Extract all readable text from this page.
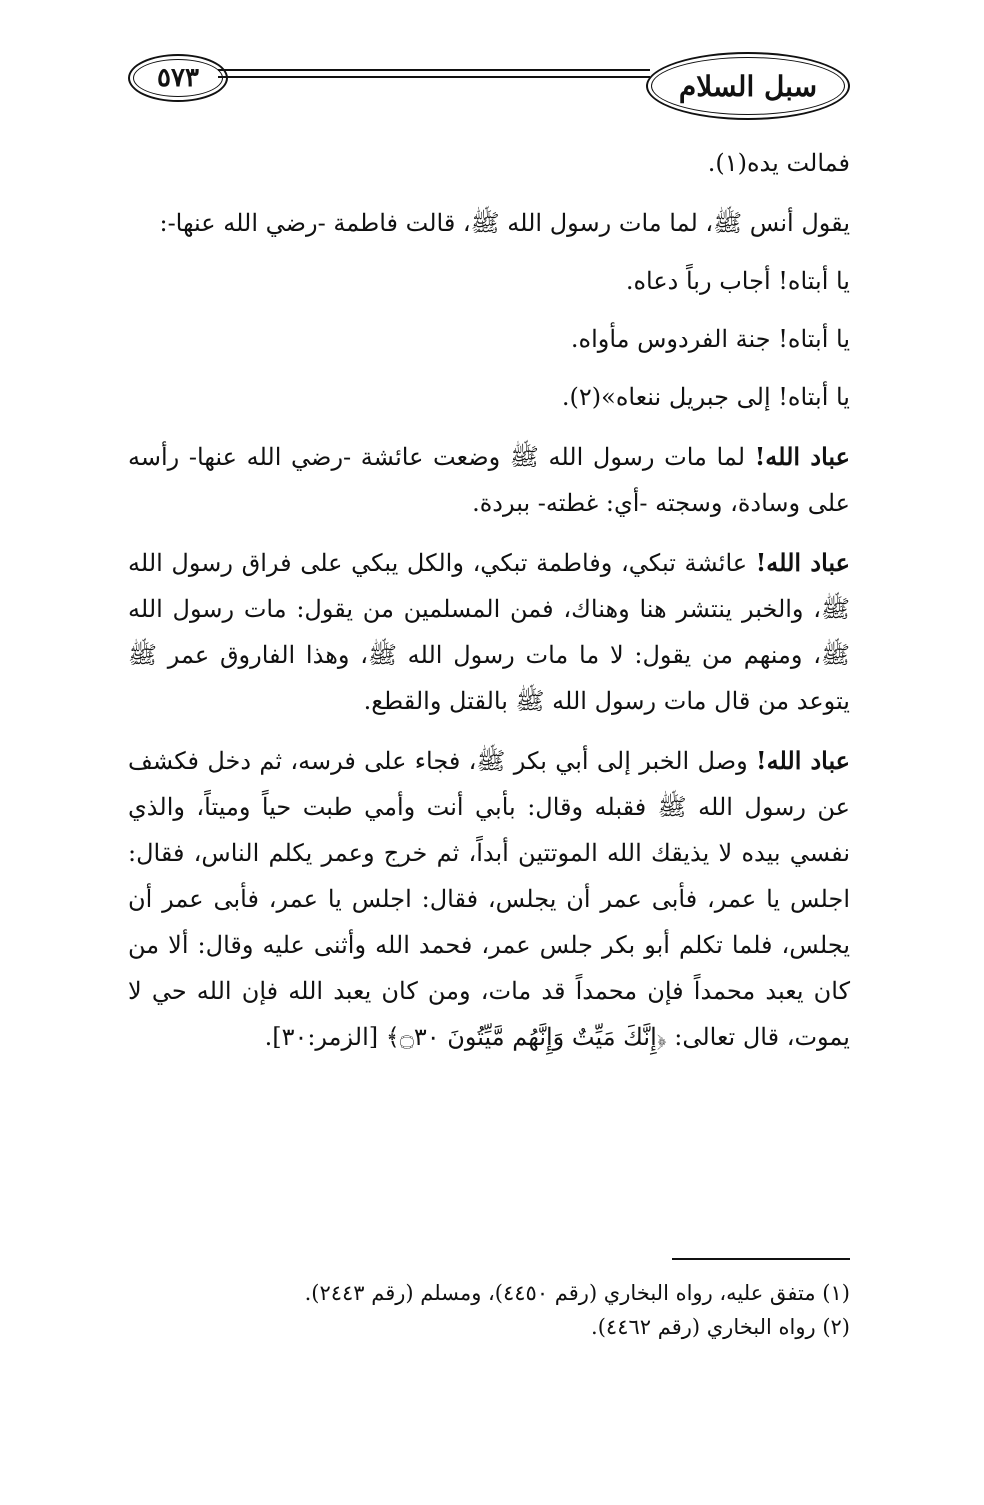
٥٧٣	سبل السلام

فمالت يده(١).

يقول أنس ﷺ، لما مات رسول الله ﷺ، قالت فاطمة -رضي الله عنها-:

يا أبتاه! أجاب رباً دعاه.

يا أبتاه! جنة الفردوس مأواه.

يا أبتاه! إلى جبريل ننعاه»(٢).

عباد الله! لما مات رسول الله ﷺ وضعت عائشة -رضي الله عنها- رأسه على وسادة، وسجته -أي: غطته- ببردة.

عباد الله! عائشة تبكي، وفاطمة تبكي، والكل يبكي على فراق رسول الله ﷺ، والخبر ينتشر هنا وهناك، فمن المسلمين من يقول: مات رسول الله ﷺ، ومنهم من يقول: لا ما مات رسول الله ﷺ، وهذا الفاروق عمر ﷺ يتوعد من قال مات رسول الله ﷺ بالقتل والقطع.

عباد الله! وصل الخبر إلى أبي بكر ﷺ، فجاء على فرسه، ثم دخل فكشف عن رسول الله ﷺ فقبله وقال: بأبي أنت وأمي طبت حياً وميتاً، والذي نفسي بيده لا يذيقك الله الموتتين أبداً، ثم خرج وعمر يكلم الناس، فقال: اجلس يا عمر، فأبى عمر أن يجلس، فقال: اجلس يا عمر، فأبى عمر أن يجلس، فلما تكلم أبو بكر جلس عمر، فحمد الله وأثنى عليه وقال: ألا من كان يعبد محمداً فإن محمداً قد مات، ومن كان يعبد الله فإن الله حي لا يموت، قال تعالى: ﴿إِنَّكَ مَيِّتٌ وَإِنَّهُم مَّيِّتُونَ ۝٣٠﴾ [الزمر:٣٠].

(١) متفق عليه، رواه البخاري (رقم ٤٤٥٠)، ومسلم (رقم ٢٤٤٣).
(٢) رواه البخاري (رقم ٤٤٦٢).
